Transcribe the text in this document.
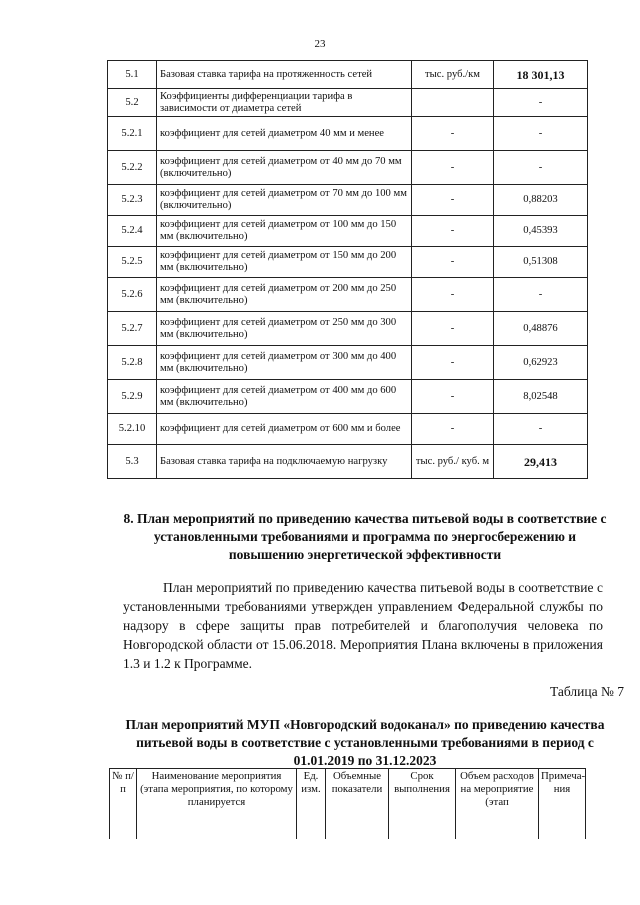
23
5.1	Базовая ставка тарифа на протяженность сетей	тыс. руб./км	18 301,13
5.2	Коэффициенты дифференциации тарифа в зависимости от диаметра сетей		-
5.2.1	коэффициент для сетей диаметром 40 мм и менее	-	-
5.2.2	коэффициент для сетей диаметром от 40 мм до 70 мм (включительно)	-	-
5.2.3	коэффициент для сетей диаметром от 70 мм до 100 мм (включительно)	-	0,88203
5.2.4	коэффициент для сетей диаметром от 100 мм до 150 мм (включительно)	-	0,45393
5.2.5	коэффициент для сетей диаметром от 150 мм до 200 мм (включительно)	-	0,51308
5.2.6	коэффициент для сетей диаметром от 200 мм до 250 мм (включительно)	-	-
5.2.7	коэффициент для сетей диаметром от 250 мм до 300 мм (включительно)	-	0,48876
5.2.8	коэффициент для сетей диаметром от 300 мм до 400 мм (включительно)	-	0,62923
5.2.9	коэффициент для сетей диаметром от 400 мм до 600 мм (включительно)	-	8,02548
5.2.10	коэффициент для сетей диаметром от 600 мм и более	-	-
5.3	Базовая ставка тарифа на подключаемую нагрузку	тыс. руб./ куб. м	29,413
8. План мероприятий по приведению качества питьевой воды в соответствие с установленными требованиями и программа по энергосбережению и повышению энергетической эффективности
План мероприятий по приведению качества питьевой воды в соответствие с установленными требованиями утвержден управлением Федеральной службы по надзору в сфере защиты прав потребителей и благополучия человека по Новгородской области от 15.06.2018. Мероприятия Плана включены в приложения 1.3 и 1.2 к Программе.
Таблица № 7
План мероприятий МУП «Новгородский водоканал» по приведению качества питьевой воды в соответствие с установленными требованиями в период с 01.01.2019 по 31.12.2023
№ п/п	Наименование мероприятия (этапа мероприятия, по которому планируется	Ед. изм.	Объемные показатели	Срок выполнения	Объем расходов на мероприятие (этап	Примеча- ния
